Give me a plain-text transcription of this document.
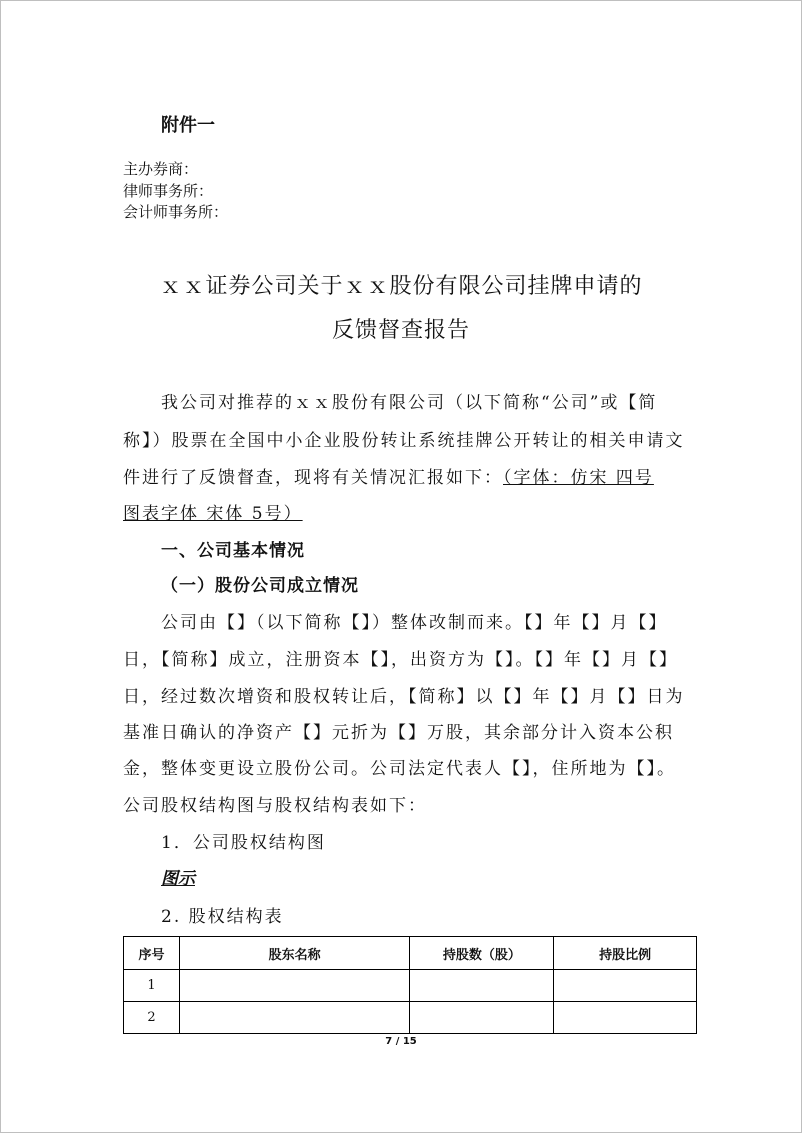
附件一
主办券商：
律师事务所：
会计师事务所：
ｘｘ证券公司关于ｘｘ股份有限公司挂牌申请的
反馈督查报告
我公司对推荐的ｘｘ股份有限公司（以下简称“公司”或【简
称】）股票在全国中小企业股份转让系统挂牌公开转让的相关申请文
件进行了反馈督查，现将有关情况汇报如下：（字体：仿宋 四号
图表字体 宋体 5号）
一、公司基本情况
（一）股份公司成立情况
公司由【】（以下简称【】）整体改制而来。【】年【】月【】
日，【简称】成立，注册资本【】，出资方为【】。【】年【】月【】
日，经过数次增资和股权转让后，【简称】以【】年【】月【】日为
基准日确认的净资产【】元折为【】万股，其余部分计入资本公积
金，整体变更设立股份公司。公司法定代表人【】，住所地为【】。
公司股权结构图与股权结构表如下：
1．公司股权结构图
图示
2. 股权结构表
序号	股东名称	持股数（股）	持股比例
1			
2			
7 / 15
